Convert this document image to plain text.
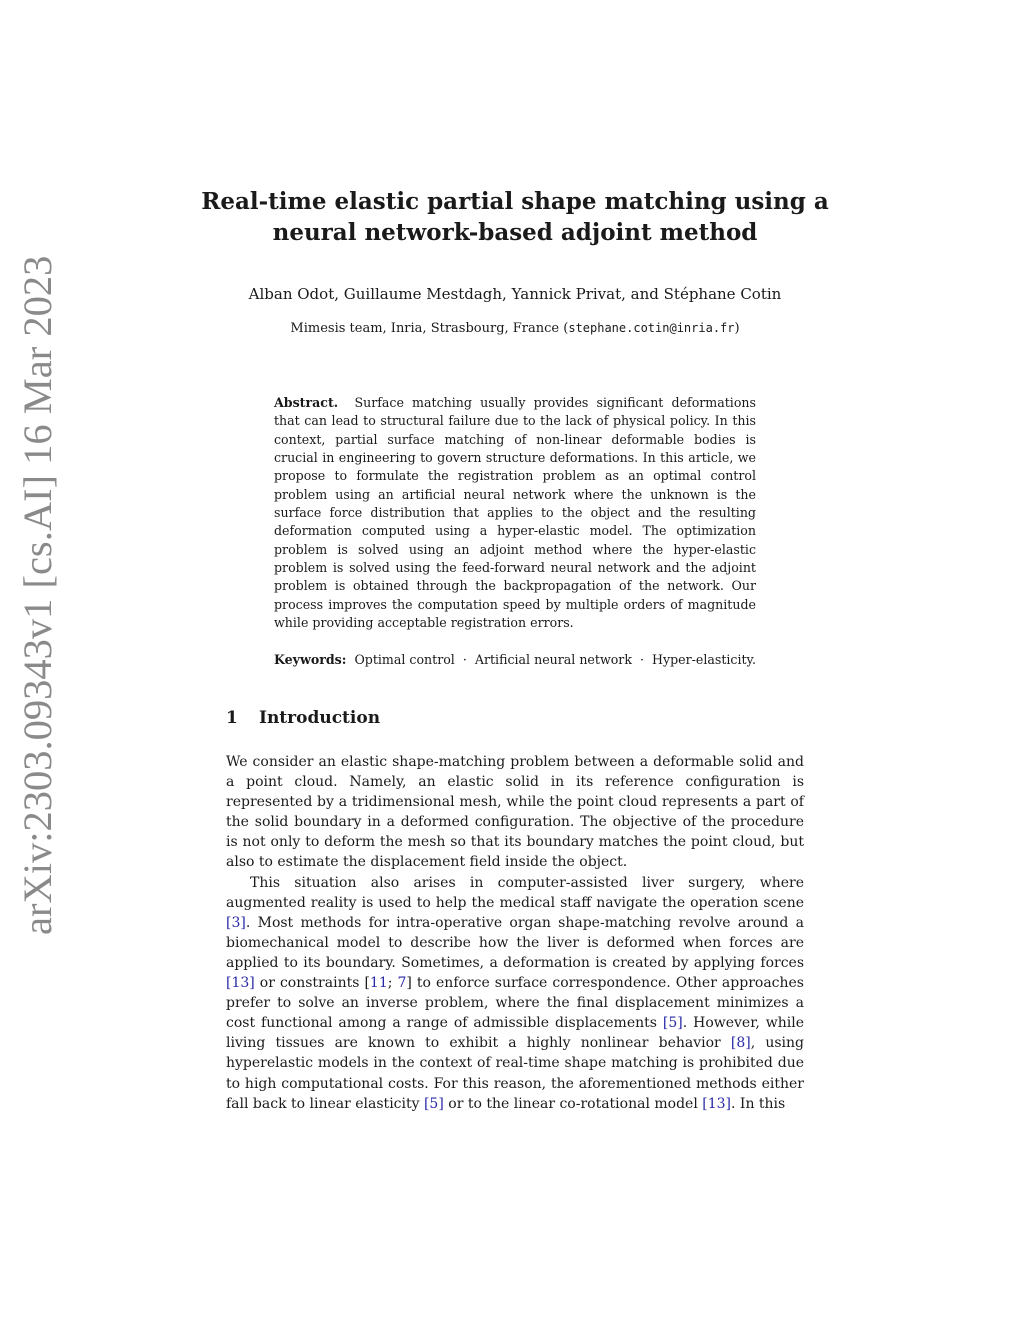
arXiv:2303.09343v1 [cs.AI] 16 Mar 2023
Real-time elastic partial shape matching using a
neural network-based adjoint method
Alban Odot, Guillaume Mestdagh, Yannick Privat, and Stéphane Cotin
Mimesis team, Inria, Strasbourg, France (stephane.cotin@inria.fr)

Abstract. Surface matching usually provides significant deformations that can lead to structural failure due to the lack of physical policy. In this context, partial surface matching of non-linear deformable bodies is crucial in engineering to govern structure deformations. In this article, we propose to formulate the registration problem as an optimal control problem using an artificial neural network where the unknown is the surface force distribution that applies to the object and the resulting deformation computed using a hyper-elastic model. The optimization problem is solved using an adjoint method where the hyper-elastic problem is solved using the feed-forward neural network and the adjoint problem is obtained through the backpropagation of the network. Our process improves the computation speed by multiple orders of magnitude while providing acceptable registration errors.

Keywords: Optimal control · Artificial neural network · Hyper-elasticity.

1 Introduction

We consider an elastic shape-matching problem between a deformable solid and a point cloud. Namely, an elastic solid in its reference configuration is represented by a tridimensional mesh, while the point cloud represents a part of the solid boundary in a deformed configuration. The objective of the procedure is not only to deform the mesh so that its boundary matches the point cloud, but also to estimate the displacement field inside the object.

This situation also arises in computer-assisted liver surgery, where augmented reality is used to help the medical staff navigate the operation scene [3]. Most methods for intra-operative organ shape-matching revolve around a biomechanical model to describe how the liver is deformed when forces are applied to its boundary. Sometimes, a deformation is created by applying forces [13] or constraints [11; 7] to enforce surface correspondence. Other approaches prefer to solve an inverse problem, where the final displacement minimizes a cost functional among a range of admissible displacements [5]. However, while living tissues are known to exhibit a highly nonlinear behavior [8], using hyperelastic models in the context of real-time shape matching is prohibited due to high computational costs. For this reason, the aforementioned methods either fall back to linear elasticity [5] or to the linear co-rotational model [13]. In this
